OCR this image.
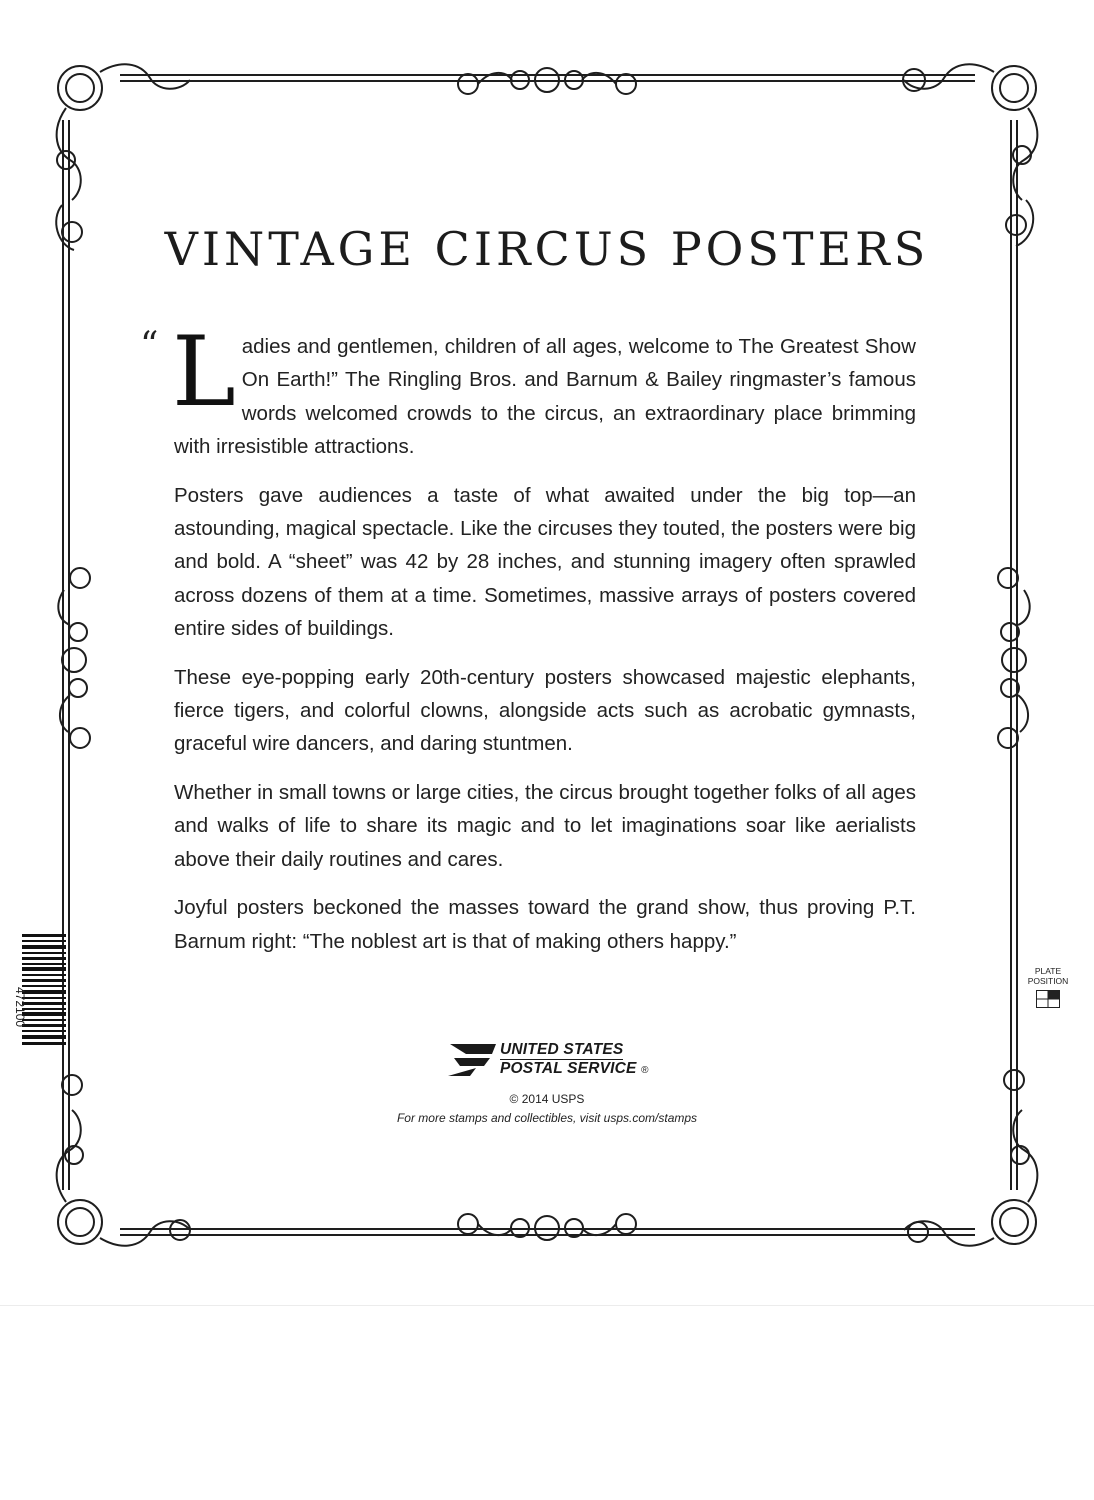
VINTAGE CIRCUS POSTERS

“ L adies and gentlemen, children of all ages, welcome to The Greatest Show On Earth!” The Ringling Bros. and Barnum & Bailey ringmaster’s famous words welcomed crowds to the circus, an extraordinary place brimming with irresistible attractions.

Posters gave audiences a taste of what awaited under the big top—an astounding, magical spectacle. Like the circuses they touted, the posters were big and bold. A “sheet” was 42 by 28 inches, and stunning imagery often sprawled across dozens of them at a time. Sometimes, massive arrays of posters covered entire sides of buildings.

These eye-popping early 20th-century posters showcased majestic elephants, fierce tigers, and colorful clowns, alongside acts such as acrobatic gymnasts, graceful wire dancers, and daring stuntmen.

Whether in small towns or large cities, the circus brought together folks of all ages and walks of life to share its magic and to let imaginations soar like aerialists above their daily routines and cares.

Joyful posters beckoned the masses toward the grand show, thus proving P.T. Barnum right: “The noblest art is that of making others happy.”

UNITED STATES
POSTAL SERVICE ®
© 2014 USPS
For more stamps and collectibles, visit usps.com/stamps
472100
PLATE
POSITION
